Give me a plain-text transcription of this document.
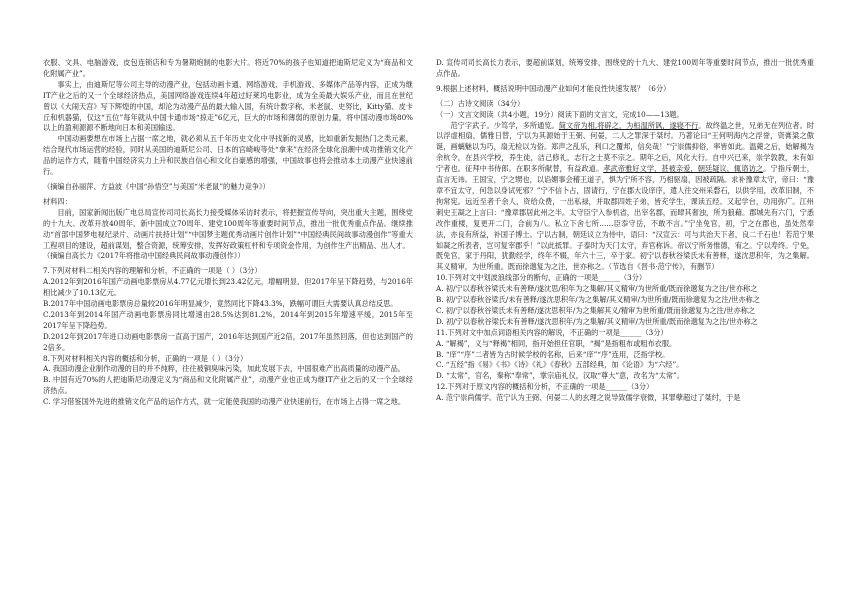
衣服、文具、电脑游戏，皮包连锁店和专为暑期炮制的电影大片。将近70%的孩子也知道把迪斯尼定义为“商品和文化附属产业”。

事实上，由迪斯尼等公司主导的动漫产业，包括动画卡通、网络游戏、手机游戏、多媒体产品等内容，正成为继IT产业之后的又一个全球经济热点，美国网络游戏连续4年超过好莱坞电影业，成为全美最大娱乐产业，而且在世纪曾以《大闹天宫》写下辉煌的中国，却沦为动漫产品的最大输入国，有统计数字称，米老鼠、史努比，Kitty猫、皮卡丘和机器猫，仅这“五位”每年就从中国卡通市场“掠走”6亿元，巨大的市场和薄弱的原创力量，将中国动漫市场80%以上的盈利源源不断地向日本和美国输送。

中国动画要想在市场上占据一席之地，就必须从五千年历史文化中寻找新的灵感，比如重新发掘热门之类元素，结合现代市场运营的经验，同时从美国的迪斯尼公司、日本的宫崎峻等处“拿来”在经济全球化浪潮中成功推销文化产品的运作方式，随着中国经济实力上升和民族自信心和文化自豪感的增强，中国故事也将会推动本土动漫产业快速前行。

（摘编自孙丽萍、方益波《中国“孙悟空”与美国“米老鼠”的魅力竞争》）

材料四：

目前，国家新闻出版广电总局宣传司司长高长力接受媒体采访时表示，将把握宣传导向，突出重大主题，围绕党的十九大、改革开放40周年、新中国成立70周年、建党100周年等重要时间节点，推出一批优秀重点作品。继续推动“首部中国梦电视纪录片、动画片扶持计划”“中国梦主题优秀动画片创作计划”“中国经典民间故事动漫创作”等重大工程项目的建设，超前谋划，整合资源，统筹安排，发挥好政策杠杆和专项资金作用，为创作生产出精品、出人才。

（摘编自高长力《2017年将推动中国经典民间故事动漫创作》）

7.下列对材料二相关内容的理解和分析，不正确的一项是（ ）（3分）

A.2012年到2016年国产动画电影票房从4.77亿元增长到23.42亿元，增幅明显，但2017年呈下降趋势，与2016年相比减少了10.13亿元。

B.2017年中国动画电影票房总量较2016年明显减少，竟然同比下降43.3%，跌幅可谓巨大需要认真总结反思。

C.2013年到2014年国产动画电影票房同比增速由28.5%达到81.2%，2014年到2015年增速平缓，2015年至2017年呈下降趋势。

D.2012年到2017年进口动画电影票房一直高于国产，2016年达到国产近2倍，2017年虽然回落，但也达到国产的2倍多。

8.下列对材料相关内容的概括和分析，正确的一项是（ ）（3分）

A. 我国动漫企业制作动漫的目的并不纯粹，往往被铜臭味污染，加此发展下去，中国很难产出高质量的动漫产品。

B. 中国有近70%的人把迪斯尼动漫定义为“商品和文化附属产业”，动漫产业也正成为继IT产业之后的又一个全球经济热点。

C. 学习借鉴国外先进的推销文化产品的运作方式，就一定能使我国的动漫产业快速前行，在市场上占得一席之地。

D. 宣传司司长高长力表示，要超前谋划，统筹安排，围绕党的十九大、建党100周年等重要时间节点，推出一批优秀重点作品。

9.根据上述材料，概括说明中国动漫产业如何才能良性快速发展？（6分）

（二）古诗文阅读（34分）

（一）文言文阅读（共4小题，19分）阅读下面的文言文，完成10——13题。

范宁字武子。少笃学，多所通览。简文帝为相,将辟之，为桓温所讽，遂寝不行。故终温之世，兄弟无在列位者。时以浮虚相扇，儒雅日替，宁以为其源始于王弼、何晏，二人之罪深于桀纣。乃著论曰“王何明海内之浮誉，资膏粱之傲诞，画螭魅以为巧，扇无检以为俗。郑声之乱乐，利口之覆邦，信矣哉！”宁崇儒抑俗，率皆如此。温薨之后，始解褐为余杭令，在县兴学校，养生徒，洁己修礼，志行之士莫不宗之。期年之后，风化大行。自中兴已来，崇学敦教，未有如宁者也。征拜中书侍郎。在职多所献替，有益政道。孝武帝雅好文学，甚被亲爱，朝廷疑议，辄谘访之。宁指斥朝士，直言无讳。王国宝，宁之甥也，以谄媚事会稽王道子，惧为宁所不容，乃相驱扇，因被疏隔。求补豫章太守，帝曰：“豫章不宜太守，何急以身试死邪？”宁不信卜占，固请行，宁在郡大设庠序，遣人往交州采磬石，以供学用，改革旧制，不拘常宪。远近至者千余人，资给众费，一出私禄，并取郡四姓子弟，皆充学生，课读五经。又起学台，功用弥广。江州刺史王凝之上言曰：“豫章郡居此州之半。太守臣宁入参机省，出宰名郡，而肆其奢浊，所为狼藉。郡城先有六门，宁悉改作重楼，复更开二门，合前为八。私立下舍七所……臣忝守岳，不敢不言。”宁坐免官，初，宁之在郡也，虽处然奉法，亦良有所益，补国子博士。宁以古制，朝廷议立为侍中，语曰：“汉宣云：可与共治天下者，良二千石也！若范宁果如凝之所表者，岂可复宰郡乎！”以此抵罪。子泰时为天门太守，弃官称诉。帝以宁所务惟德，宥之。宁以寿终。宁免，既免官，家于丹阳，犹勤经学，终年不辍，年六十三，卒于家。初宁以春秋谷梁氏未有善释，遂沈思积年，为之集解。其义精审，为世所重。既而徐邈复为之注，世亦称之。（节选自《晋书·范宁传》，有删节）

10.下列对文中划波浪线部分的断句，正确的一项是______（3分）

A. 初/宁以春秋谷梁氏未有善释/遂沈思/积年为之集解/其义精审/为世所重/既而徐邈复为之注/世亦称之

B. 初/宁以春秋谷梁氏/未有善释/遂沈思积年/为之集解/其义精审/为世所重/既而徐邈复为之注/世亦称之

C. 初/宁以春秋谷梁氏未有善释/遂沈思积年/为之集解其义/精审为世所重/既而徐邈复为之注/世亦称之

D. 初/宁以春秋谷梁氏未有善释/遂沈思积年/为之集解/其义精审/为世所重/既而徐邈复为之注/世亦称之

11.下列对文中加点词语相关内容的解说，不正确的一项是______（3分）

A. “解褐”，义与“释褐”相同，指开始担任官职，“褐”是指粗布或粗布衣服。

B. “庠”“序”二者皆为古时候学校的名称，后来“庠”“序”连用，泛指学校。

C. “五经”指《易》《书》《诗》《礼》《春秋》五部经典，加《论语》为“六经”。

D. “太常”，官名，秦称“奉常”，掌宗庙礼仪，汉取“尊大”意，改名为“太常”。

12.下列对于原文内容的概括和分析，不正确的一项是______（3分）

A. 范宁崇尚儒学。范宁认为王弼、何晏二人的玄理之说导致儒学衰微，其罪孽超过了桀纣，于是
